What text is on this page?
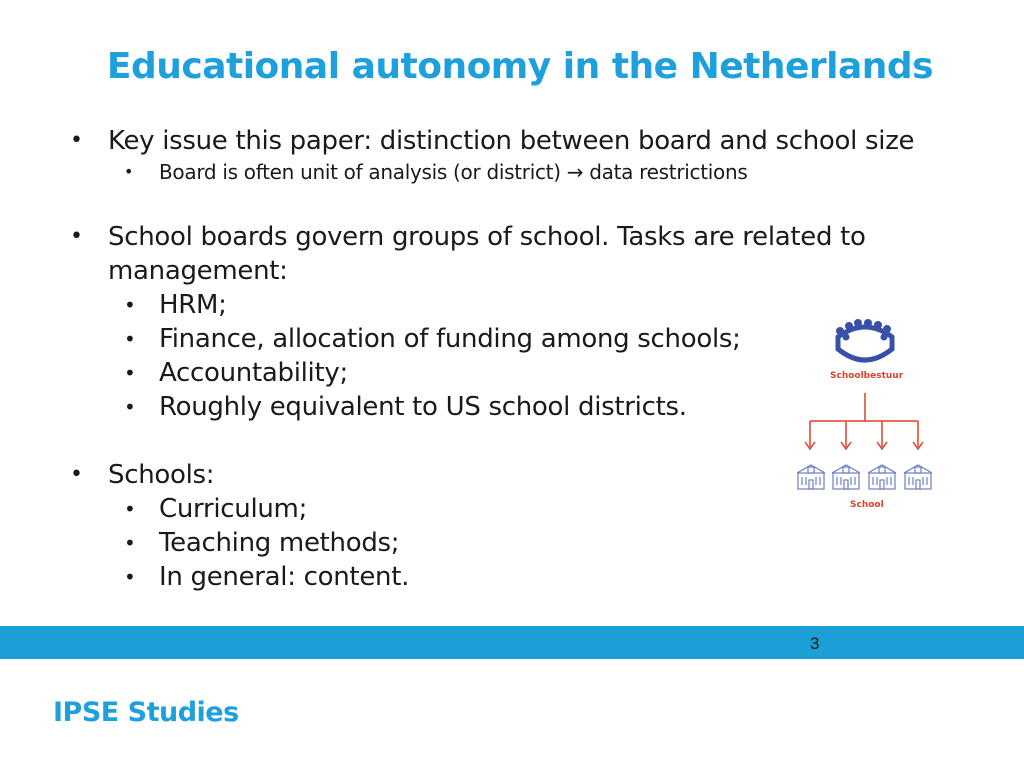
Educational autonomy in the Netherlands
• Key issue this paper: distinction between board and school size
• Board is often unit of analysis (or district) → data restrictions
• School boards govern groups of school. Tasks are related to
management:
• HRM;
• Finance, allocation of funding among schools;
• Accountability;
• Roughly equivalent to US school districts.
• Schools:
• Curriculum;
• Teaching methods;
• In general: content.
Schoolbestuur
School
3
IPSE Studies
